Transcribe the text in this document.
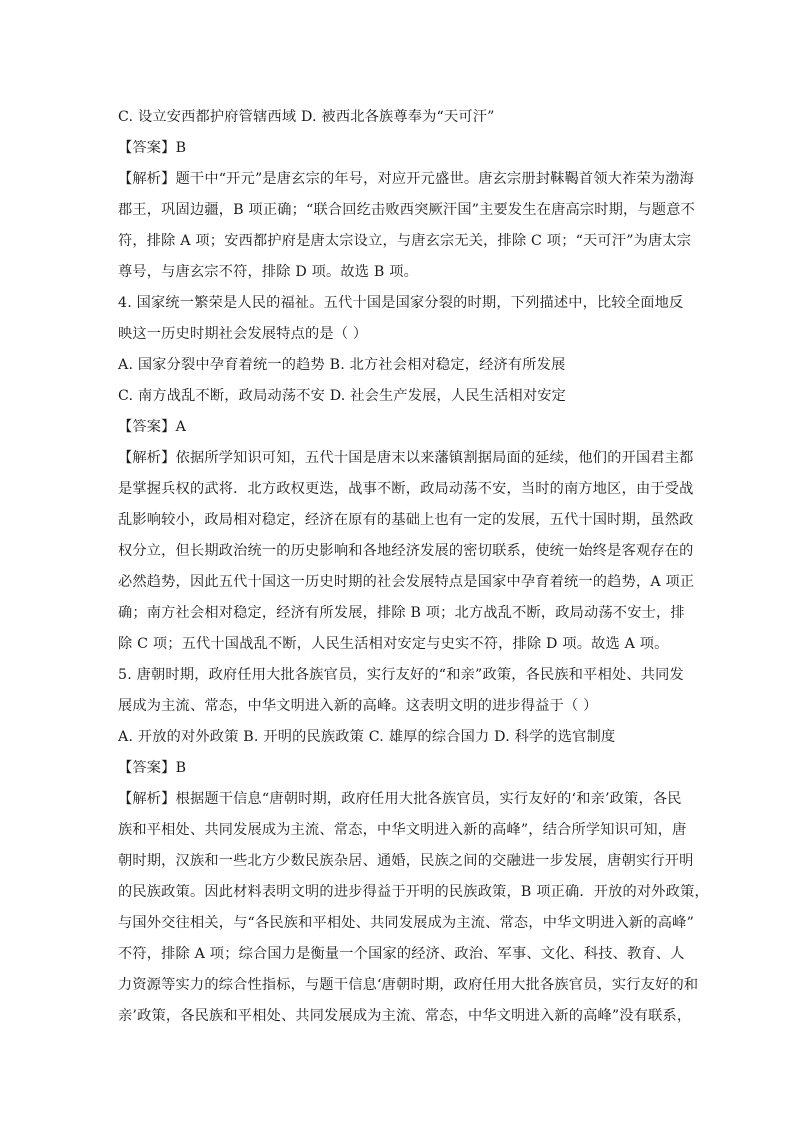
C. 设立安西都护府管辖西域 D. 被西北各族尊奉为“天可汗”
【答案】B
【解析】题干中“开元”是唐玄宗的年号，对应开元盛世。唐玄宗册封靺鞨首领大祚荣为渤海
郡王，巩固边疆，B 项正确；“联合回纥击败西突厥汗国”主要发生在唐高宗时期，与题意不
符，排除 A 项；安西都护府是唐太宗设立，与唐玄宗无关，排除 C 项；“天可汗”为唐太宗
尊号，与唐玄宗不符，排除 D 项。故选 B 项。
4. 国家统一繁荣是人民的福祉。五代十国是国家分裂的时期，下列描述中，比较全面地反
映这一历史时期社会发展特点的是（ ）
A. 国家分裂中孕育着统一的趋势 B. 北方社会相对稳定，经济有所发展
C. 南方战乱不断，政局动荡不安 D. 社会生产发展，人民生活相对安定
【答案】A
【解析】依据所学知识可知，五代十国是唐末以来藩镇割据局面的延续，他们的开国君主都
是掌握兵权的武将．北方政权更迭，战事不断，政局动荡不安，当时的南方地区，由于受战
乱影响较小，政局相对稳定，经济在原有的基础上也有一定的发展，五代十国时期，虽然政
权分立，但长期政治统一的历史影响和各地经济发展的密切联系，使统一始终是客观存在的
必然趋势，因此五代十国这一历史时期的社会发展特点是国家中孕育着统一的趋势，A 项正
确；南方社会相对稳定，经济有所发展，排除 B 项；北方战乱不断，政局动荡不安士，排
除 C 项；五代十国战乱不断，人民生活相对安定与史实不符，排除 D 项。故选 A 项。
5. 唐朝时期，政府任用大批各族官员，实行友好的“和亲”政策，各民族和平相处、共同发
展成为主流、常态，中华文明进入新的高峰。这表明文明的进步得益于（ ）
A. 开放的对外政策 B. 开明的民族政策 C. 雄厚的综合国力 D. 科学的选官制度
【答案】B
【解析】根据题干信息“唐朝时期，政府任用大批各族官员，实行友好的‘和亲’政策，各民
族和平相处、共同发展成为主流、常态，中华文明进入新的高峰”，结合所学知识可知，唐
朝时期，汉族和一些北方少数民族杂居、通婚，民族之间的交融进一步发展，唐朝实行开明
的民族政策。因此材料表明文明的进步得益于开明的民族政策，B 项正确．开放的对外政策，
与国外交往相关，与“各民族和平相处、共同发展成为主流、常态，中华文明进入新的高峰”
不符，排除 A 项；综合国力是衡量一个国家的经济、政治、军事、文化、科技、教育、人
力资源等实力的综合性指标，与题干信息‘唐朝时期，政府任用大批各族官员，实行友好的和
亲’政策，各民族和平相处、共同发展成为主流、常态，中华文明进入新的高峰”没有联系，
